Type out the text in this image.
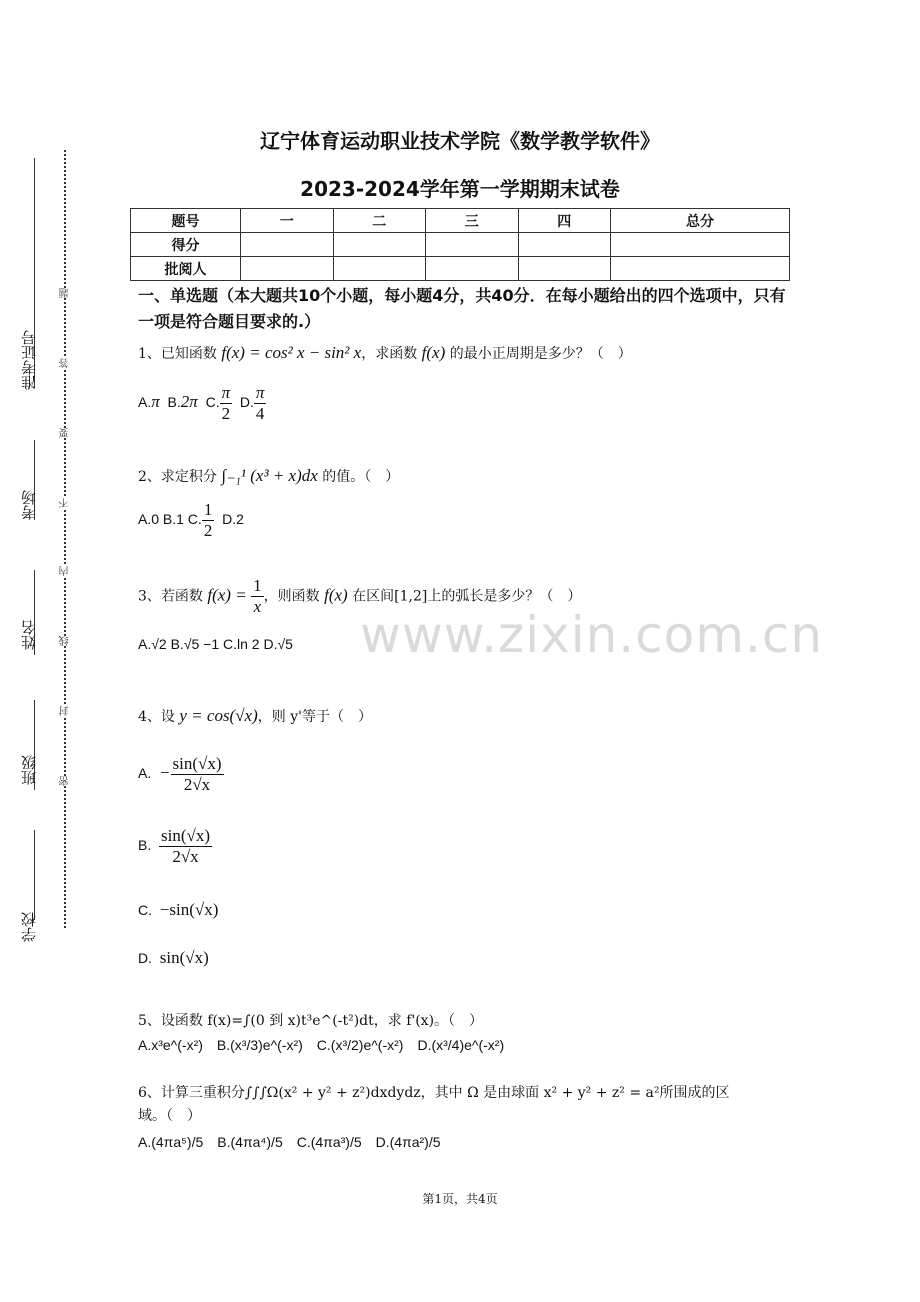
准考证号
考场
姓名
班级
学校
题
答
要
不
内
线
封
密
辽宁体育运动职业技术学院《数学教学软件》
2023-2024学年第一学期期末试卷
题号	一	二	三	四	总分
得分					
批阅人					
一、单选题（本大题共10个小题，每小题4分，共40分．在每小题给出的四个选项中，只有一项是符合题目要求的.）
1、已知函数 f(x) = cos² x − sin² x，求函数 f(x) 的最小正周期是多少？（　）
A.π B.2π C. $\frac{\pi}{2} D$. $\frac{\pi}{4}$
2、求定积分 ∫₋₁¹ (x³ + x)dx 的值。（　）
A.0 B.1 C. $\frac{1}{2} D.2$
3、若函数 $f(x) = \frac{1}{x}$ ，则函数 f(x) 在区间[1,2]上的弧长是多少？（　）
A.√2 B.√5 −1 C.ln 2 D.√5
4、设 y = cos(√x)，则 y'等于（　）
A. − $\frac{\sin(√x)}{2√x}$
B. $\frac{\sin(√x)}{2√x}$
C. −sin(√x)
D. sin(√x)
5、设函数 f(x)=∫(0 到 x)t³e^(-t²)dt，求 f'(x)。（　）
A.x³e^(-x²)　B.(x³/3)e^(-x²)　C.(x³/2)e^(-x²)　D.(x³/4)e^(-x²)
6、计算三重积分∫∫∫Ω(x² + y² + z²)dxdydz，其中 Ω 是由球面 x² + y² + z² = a²所围成的区
域。（　）
A.(4πa⁵)/5　B.(4πa⁴)/5　C.(4πa³)/5　D.(4πa²)/5
www.zixin.com.cn
第1页，共4页
